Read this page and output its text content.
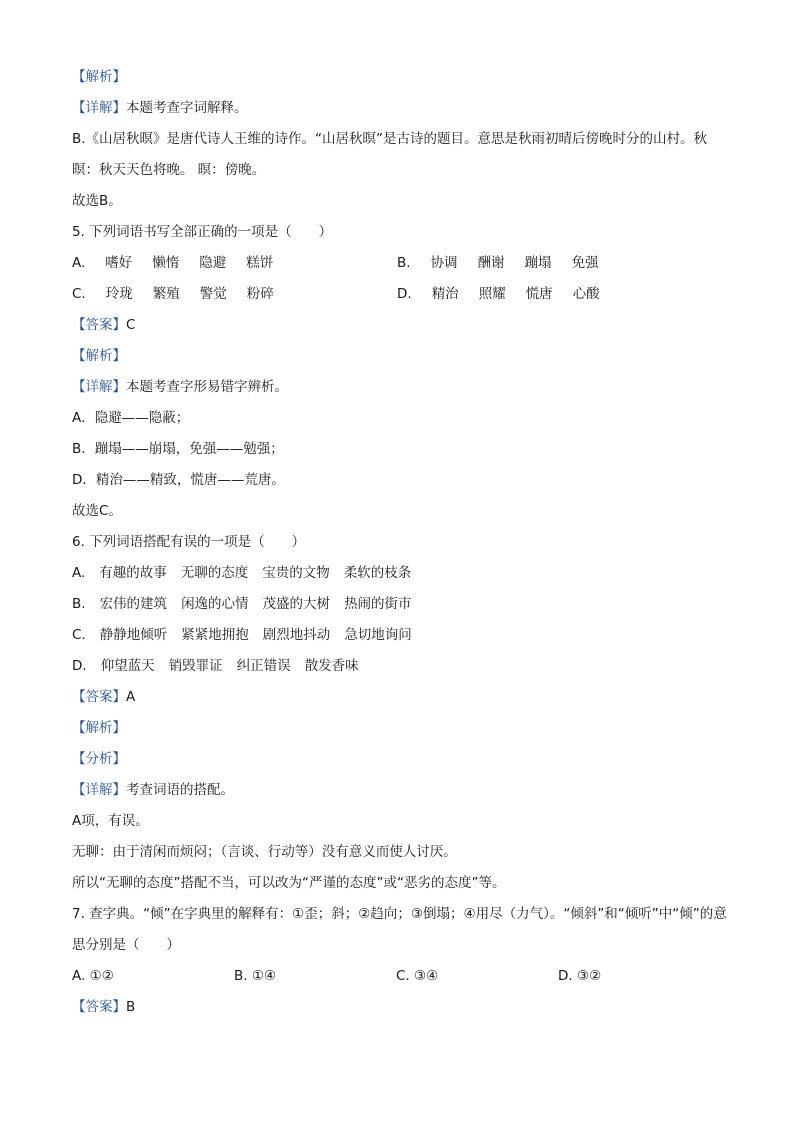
【解析】
【详解】本题考查字词解释。
B.《山居秋暝》是唐代诗人王维的诗作。“山居秋暝”是古诗的题目。意思是秋雨初晴后傍晚时分的山村。秋暝：秋天天色将晚。 暝：傍晚。
故选B。
5. 下列词语书写全部正确的一项是（　　）
A. 嗜好 懒惰 隐避 糕饼	B. 协调 酬谢 蹦塌 免强
C. 玲珑 繁殖 警觉 粉碎	D. 精治 照耀 慌唐 心酸
【答案】C
【解析】
【详解】本题考查字形易错字辨析。
A．隐避——隐蔽；
B．蹦塌——崩塌，免强——勉强；
D．精治——精致，慌唐——荒唐。
故选C。
6. 下列词语搭配有误的一项是（　　）
A. 有趣的故事 无聊的态度 宝贵的文物 柔软的枝条
B. 宏伟的建筑 闲逸的心情 茂盛的大树 热闹的街市
C. 静静地倾听 紧紧地拥抱 剧烈地抖动 急切地询问
D. 仰望蓝天 销毁罪证 纠正错误 散发香味
【答案】A
【解析】
【分析】
【详解】考查词语的搭配。
A项，有误。
无聊：由于清闲而烦闷；（言谈、行动等）没有意义而使人讨厌。
所以“无聊的态度”搭配不当，可以改为“严谨的态度”或“恶劣的态度”等。
7. 查字典。“倾”在字典里的解释有：①歪；斜；②趋向；③倒塌；④用尽（力气）。“倾斜”和“倾听”中“倾”的意思分别是（　　）
A. ①②	B. ①④	C. ③④	D. ③②
【答案】B
